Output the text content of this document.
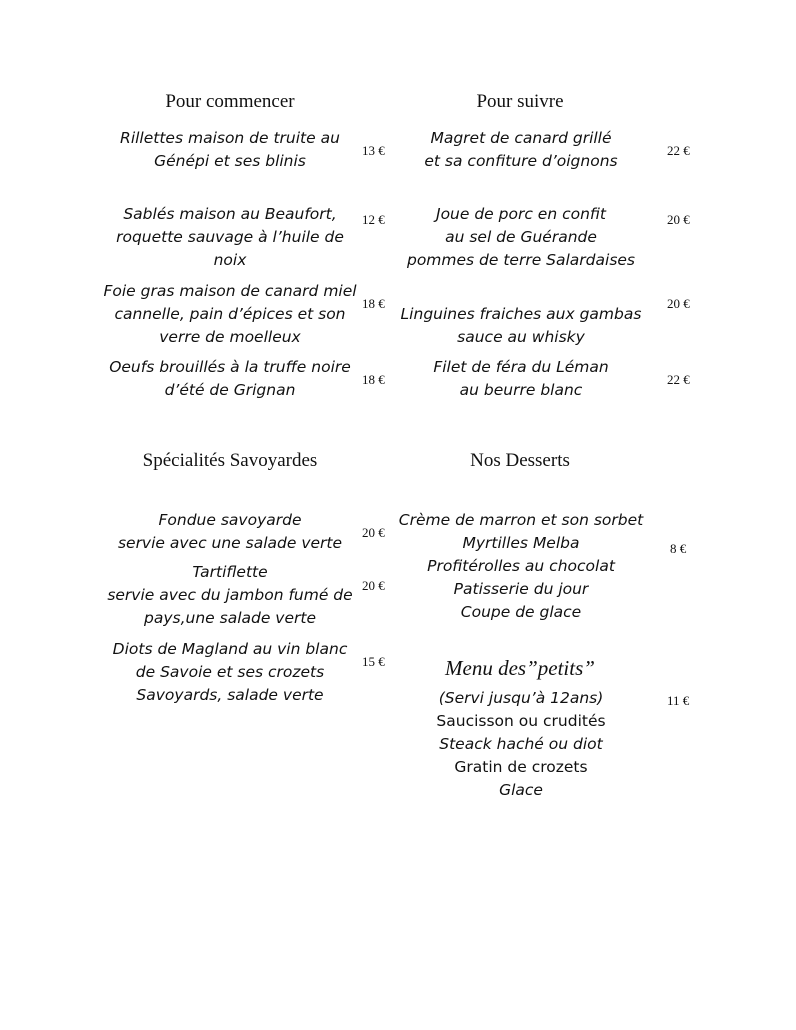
Pour commencer
Rillettes maison de truite au
Génépi et ses blinis
13 €
Sablés maison au Beaufort,
roquette sauvage à l’huile de
noix
12 €
Foie gras maison de canard miel
cannelle, pain d’épices et son
verre de moelleux
18 €
Oeufs brouillés à la truffe noire
d’été de Grignan
18 €
Pour suivre
Magret de canard grillé
et sa confiture d’oignons
22 €
Joue de porc en confit
au sel de Guérande
pommes de terre Salardaises
20 €
Linguines fraiches aux gambas
sauce au whisky
20 €
Filet de féra du Léman
au beurre blanc
22 €
Spécialités Savoyardes
Fondue savoyarde
servie avec une salade verte
20 €
Tartiflette
servie avec du jambon fumé de
pays,une salade verte
20 €
Diots de Magland au vin blanc
de Savoie et ses crozets
Savoyards, salade verte
15 €
Nos Desserts
Crème de marron et son sorbet
Myrtilles Melba
Profitérolles au chocolat
Patisserie du jour
Coupe de glace
8 €
Menu des”petits”
(Servi jusqu’à 12ans)
Saucisson ou crudités
Steack haché ou diot
Gratin de crozets
Glace
11 €
